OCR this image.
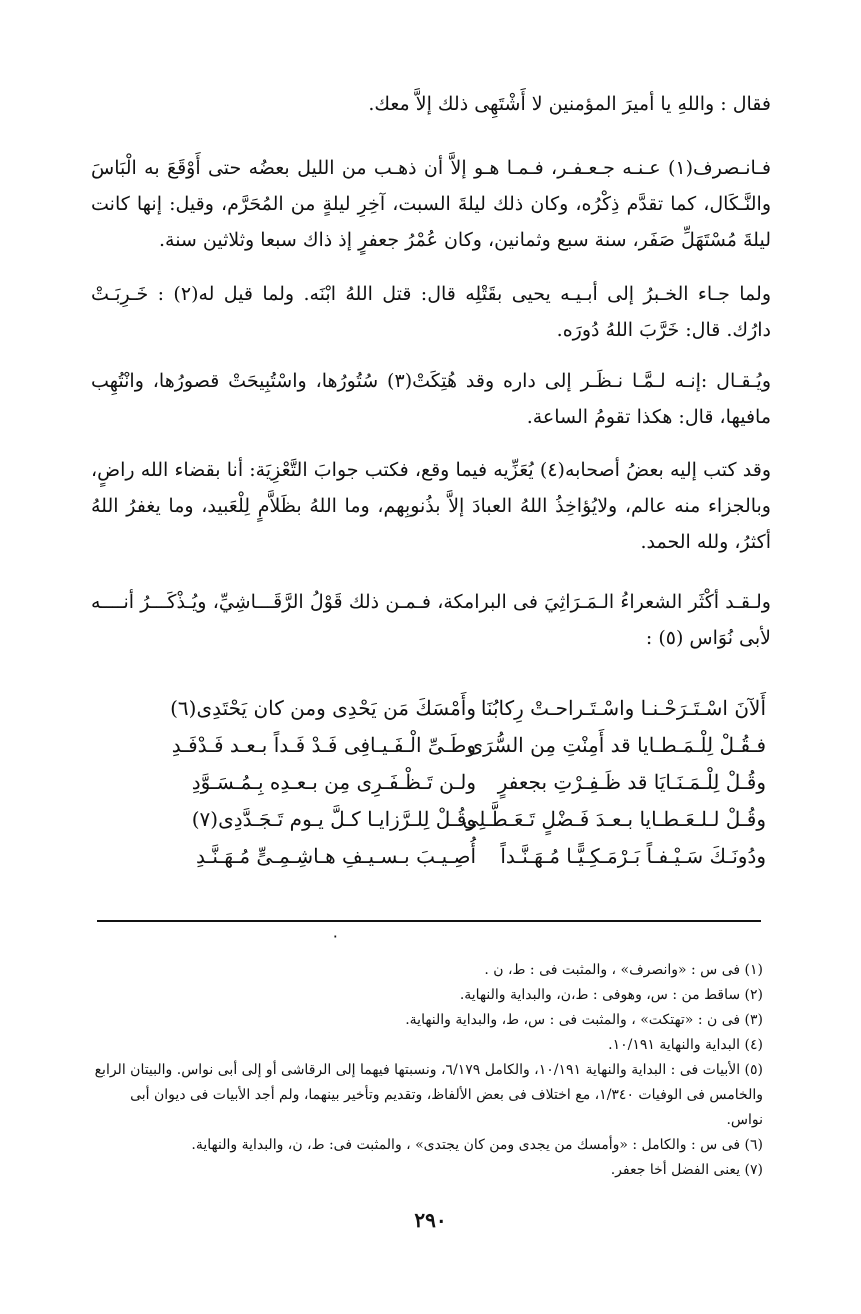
فقال : واللهِ يا أميرَ المؤمنين لا أَشْتَهِى ذلك إلاَّ معك.

فـانـصرف(١) عـنـه جـعـفـر، فـمـا هـو إلاَّ أن ذهـب من الليل بعضُه حتى أَوْقَعَ به الْبَاسَ والنَّـكَال، كما تقدَّم ذِكْرُه، وكان ذلك ليلةَ السبت، آخِرِ ليلةٍ من المُحَرَّم، وقيل: إنها كانت ليلةَ مُسْتَهَلِّ صَفَر، سنة سبع وثمانين، وكان عُمْرُ جعفرٍ إذ ذاك سبعا وثلاثين سنة.

ولما جـاء الخـبرُ إلى أبـيـه يحيى بقَتْلِه قال: قتل اللهُ ابْنَه. ولما قيل له(٢) : خَـرِبَـتْ دارُك. قال: خَرَّبَ اللهُ دُورَه.

ويُـقـال :إنـه لـمَّـا نـظَـر إلى داره وقد هُتِكَتْ(٣) سُتُورُها، واسْتُبِيحَتْ قصورُها، وانْتُهِب مافيها، قال: هكذا تقومُ الساعة.

وقد كتب إليه بعضُ أصحابه(٤) يُعَزِّيه فيما وقع، فكتب جوابَ التَّعْزِيَة: أنا بقضاء الله راضٍ، وبالجزاء منه عالم، ولايُؤاخِذُ اللهُ العبادَ إلاَّ بذُنوبِهم، وما اللهُ بظَلاَّمٍ لِلْعَبيد، وما يغفرُ اللهُ أكثرُ، ولله الحمد.

ولـقـد أكْثَر الشعراءُ الـمَـرَاثِيَ فى البرامكة، فـمـن ذلك قَوْلُ الرَّقَـــاشِيِّ، ويُـذْكَـــرُ أنــــه لأبى نُوَاس (٥) :

أَلآنَ اسْـتَـرَحْـنـا واسْـتَـراحـتْ رِكابُنَا
وأَمْسَكَ مَن يَحْدِى ومن كان يَحْتَدِى(٦)
فـقُـلْ لِلْـمَـطـايا قد أَمِنْتِ مِن السُّرَى
وطَـىِّ الْـفَـيـافِى فَـدْ فَـداً بـعـد فَـدْفَـدِ
وقُـلْ لِلْـمَـنَـايَا قد ظَـفِـرْتِ بجعفرٍ
ولـن تَـظْـفَـرِى مِن بـعـدِه بِـمُـسَـوَّدِ
وقُـلْ لـلـعَـطـايا بـعـدَ فَـضْلٍ تَـعَـطَّـلِى
وقُـلْ لِلـرَّزايـا كـلَّ يـوم تَـجَـدَّدِى(٧)
ودُونَـكَ سَـيْـفـاً بَـرْمَـكِـيًّـا مُـهَـنَّـداً
أُصِـيـبَ بـسـيـفِ هـاشِـمِـىٍّ مُـهَـنَّـدِ
٠
(١) فى س : «وانصرف» ، والمثبت فى : ط، ن .
(٢) ساقط من : س، وهوفى : ط،ن، والبداية والنهاية.
(٣) فى ن : «تهتكت» ، والمثبت فى : س، ط، والبداية والنهاية.
(٤) البداية والنهاية ١٠/١٩١.
(٥) الأبيات فى : البداية والنهاية ١٠/١٩١، والكامل ٦/١٧٩، ونسبتها فيهما إلى الرقاشى أو إلى أبى نواس. والبيتان الرابع والخامس فى الوفيات ١/٣٤٠، مع اختلاف فى بعض الألفاظ، وتقديم وتأخير بينهما، ولم أجد الأبيات فى ديوان أبى نواس.
(٦) فى س : والكامل : «وأمسك من يجدى ومن كان يجتدى» ، والمثبت فى: ط، ن، والبداية والنهاية.
(٧) يعنى الفضل أخا جعفر.
٢٩٠
